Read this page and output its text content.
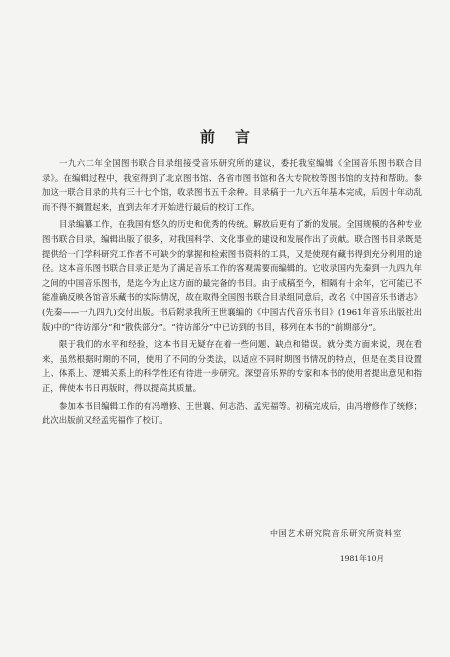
前言

一九六二年全国图书联合目录组接受音乐研究所的建议，委托我室编辑《全国音乐图书联合目录》。在编辑过程中，我室得到了北京图书馆、各省市图书馆和各大专院校等图书馆的支持和帮助。参加这一联合目录的共有三十七个馆，收录图书五千余种。目录稿于一九六五年基本完成，后因十年动乱而不得不搁置起来，直到去年才开始进行最后的校订工作。

目录编纂工作，在我国有悠久的历史和优秀的传统。解放后更有了新的发展。全国规模的各种专业图书联合目录，编辑出版了很多，对我国科学、文化事业的建设和发展作出了贡献。联合图书目录既是提供给一门学科研究工作者不可缺少的掌握和检索图书资料的工具，又是使现有藏书得到充分利用的途径。这本音乐图书联合目录正是为了满足音乐工作的客观需要而编辑的。它收录国内先秦到一九四九年之间的中国音乐图书，是迄今为止这方面的最完备的书目。由于成稿至今，相隔有十余年，它可能已不能准确反映各馆音乐藏书的实际情况，故在取得全国图书联合目录组同意后，改名《中国音乐书谱志》(先秦——一九四九)交付出版。书后附录我所王世襄编的《中国古代音乐书目》(1961年音乐出版社出版)中的“待访部分”和“散佚部分”。“待访部分”中已访到的书目，移列在本书的“前期部分”。

限于我们的水平和经验，这本书目无疑存在着一些问题、缺点和错误。就分类方面来说，现在看来，虽然根据时期的不同，使用了不同的分类法，以适应不同时期图书情况的特点，但是在类目设置上、体系上、逻辑关系上的科学性还有待进一步研究。深望音乐界的专家和本书的使用者提出意见和指正，俾使本书日再版时，得以提高其质量。

参加本书目编辑工作的有冯增修、王世襄、何志浩、孟宪福等。初稿完成后，由冯增修作了统修；此次出版前又经孟宪福作了校订。

中国艺术研究院音乐研究所资料室
1981年10月
